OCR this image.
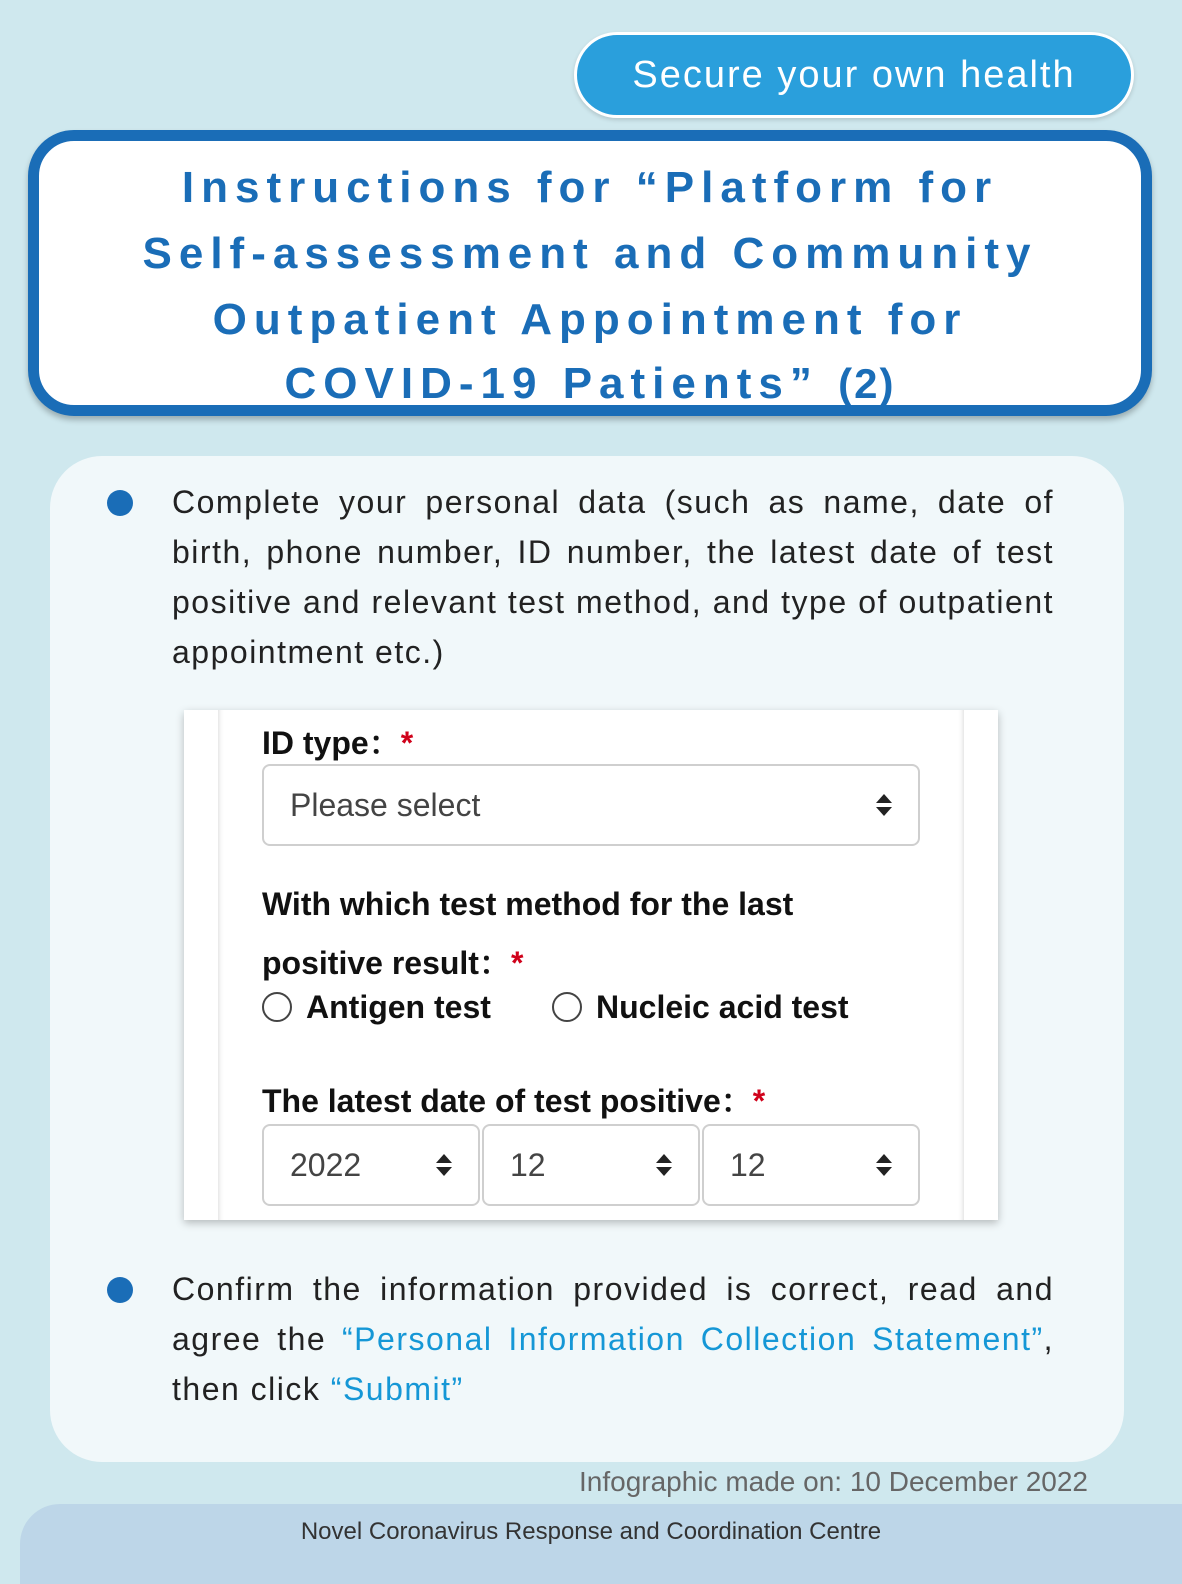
Secure your own health
Instructions for “Platform for
Self-assessment and Community
Outpatient Appointment for
COVID-19 Patients” (2)
Complete your personal data (such as name, date of birth, phone number, ID number, the latest date of test positive and relevant test method, and type of outpatient appointment etc.)
ID type：*
Please select
With which test method for the last
positive result：*
Antigen test	Nucleic acid test
The latest date of test positive：*
2022	12	12
Confirm the information provided is correct, read and agree the “Personal Information Collection Statement”, then click “Submit”
Infographic made on: 10 December 2022
Novel Coronavirus Response and Coordination Centre
